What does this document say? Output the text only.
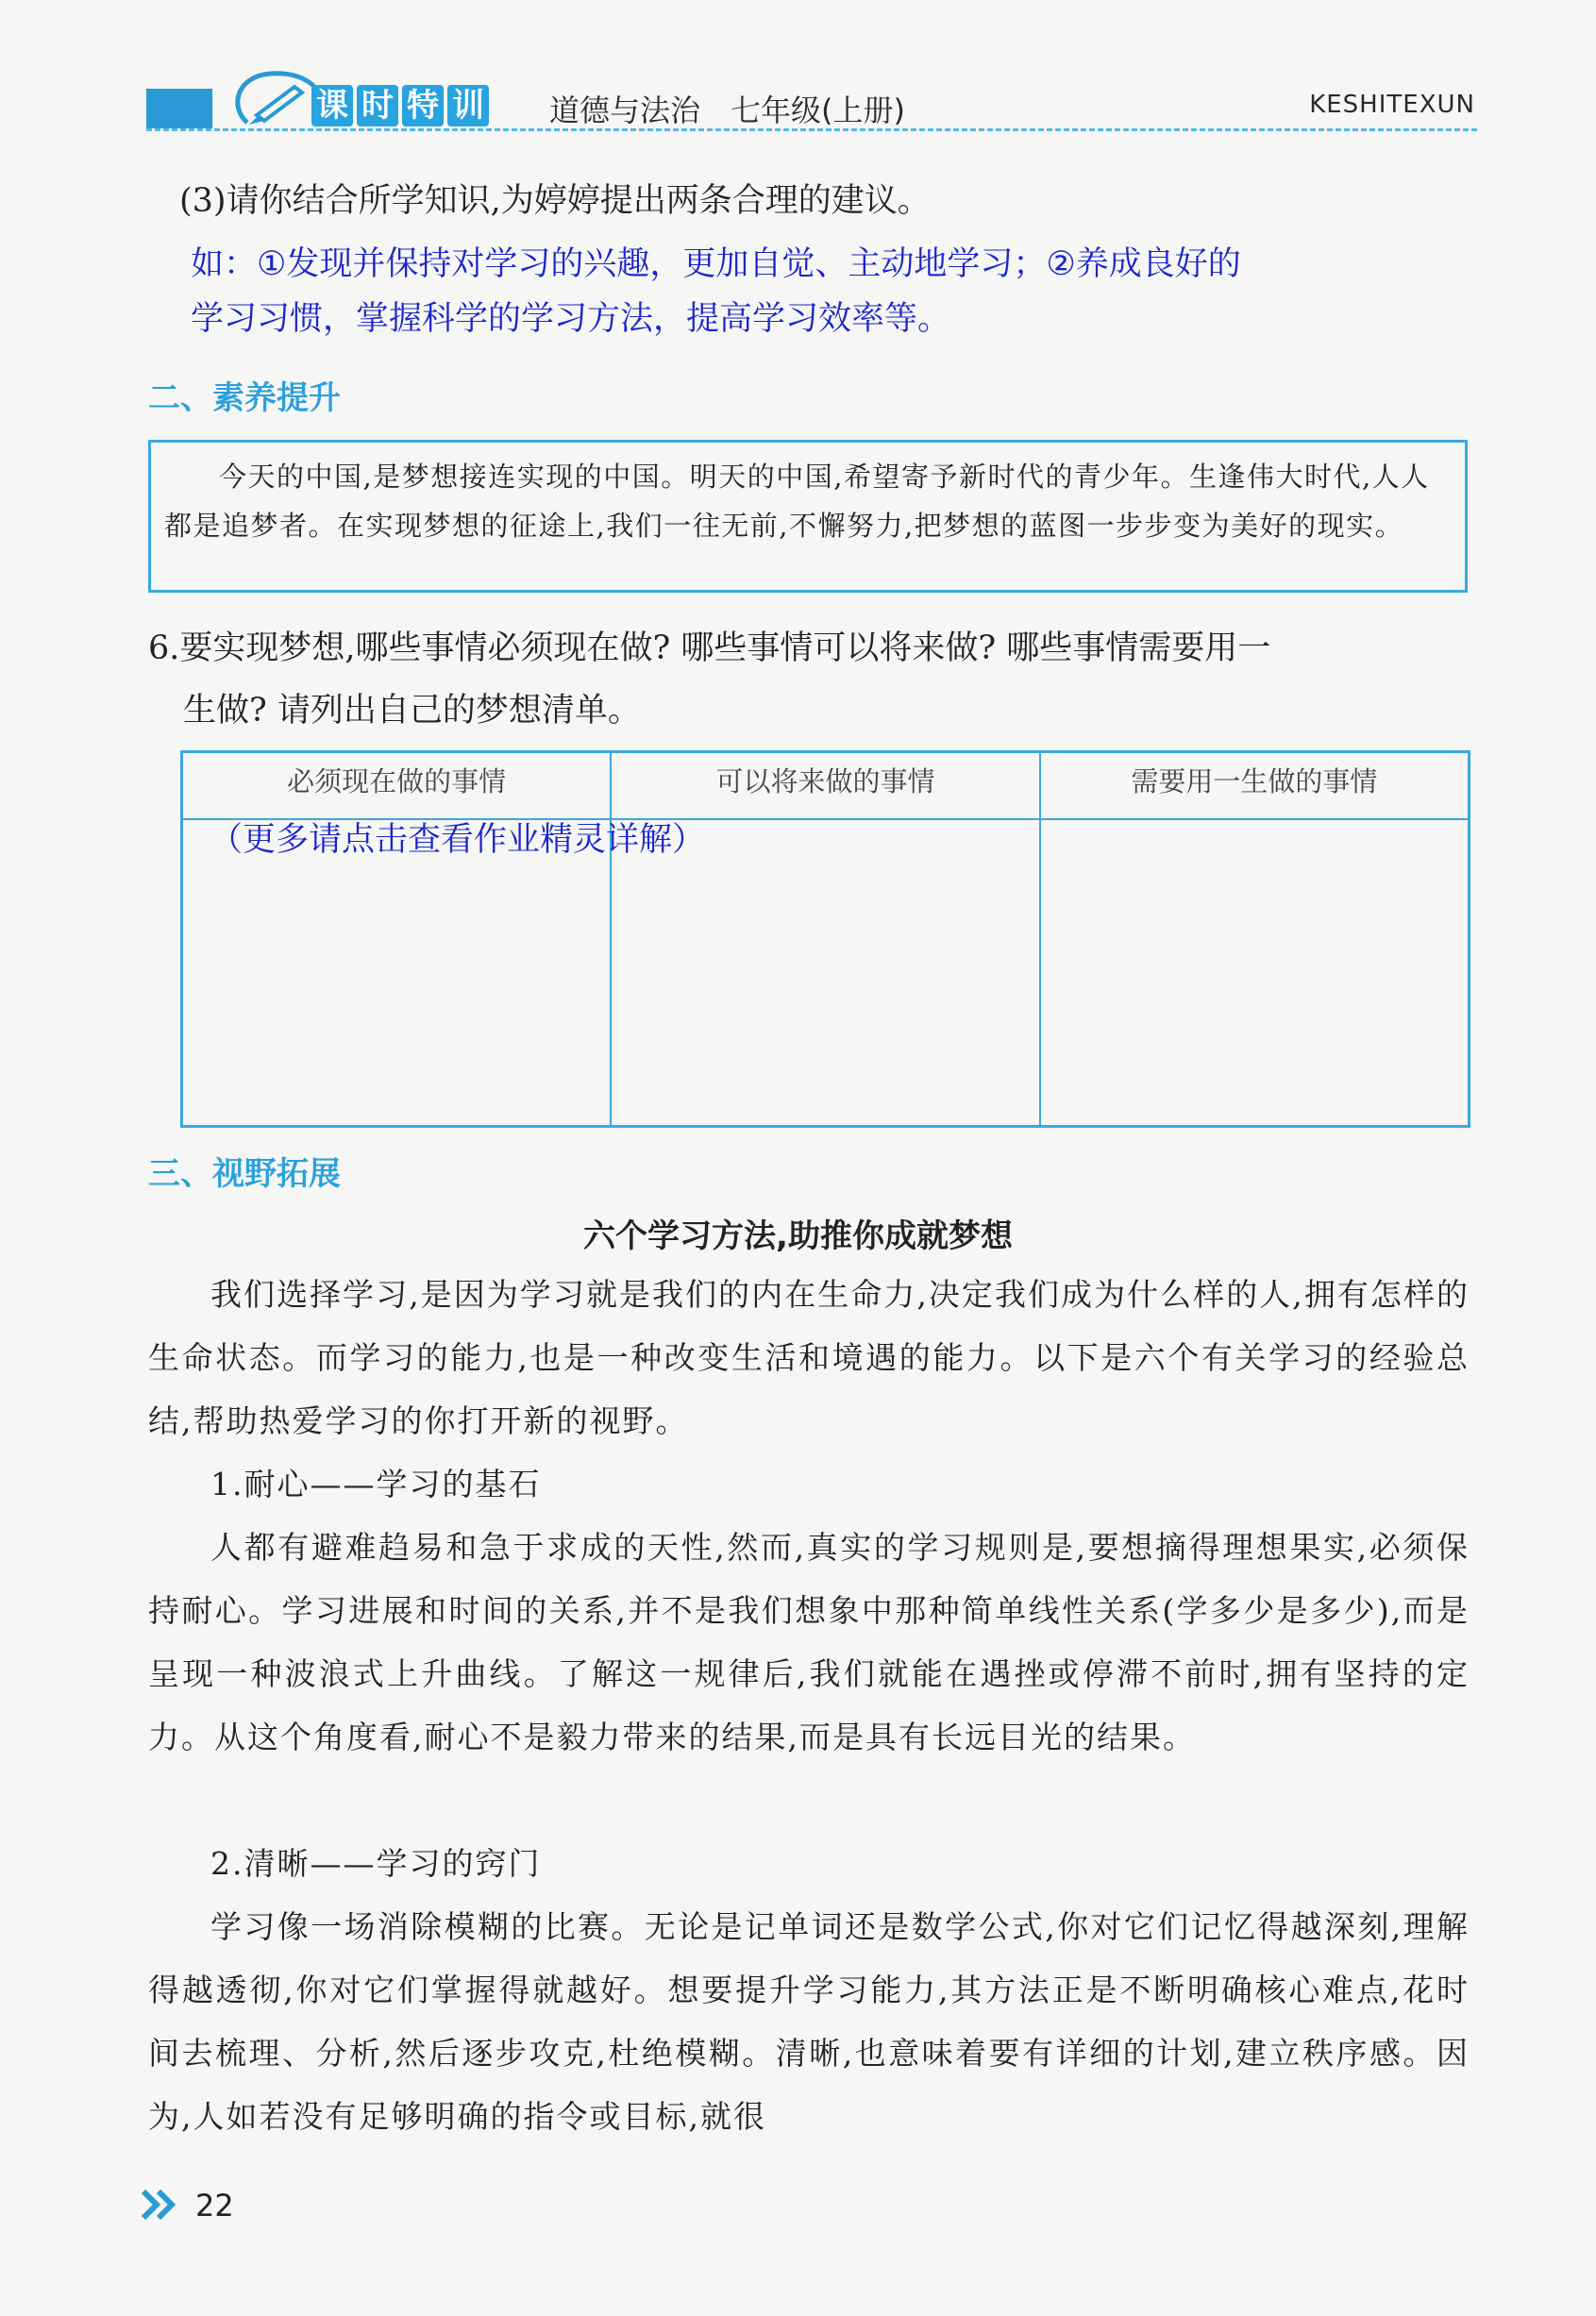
课 时 特 训 道德与法治　七年级(上册)	KESHITEXUN
(3)请你结合所学知识,为婷婷提出两条合理的建议。
如：①发现并保持对学习的兴趣，更加自觉、主动地学习；②养成良好的
学习习惯，掌握科学的学习方法，提高学习效率等。
二、素养提升
今天的中国,是梦想接连实现的中国。明天的中国,希望寄予新时代的青少年。生逢伟大时代,人人都是追梦者。在实现梦想的征途上,我们一往无前,不懈努力,把梦想的蓝图一步步变为美好的现实。
6.要实现梦想,哪些事情必须现在做? 哪些事情可以将来做? 哪些事情需要用一
生做? 请列出自己的梦想清单。
必须现在做的事情	可以将来做的事情	需要用一生做的事情

（更多请点击查看作业精灵详解）
三、视野拓展
六个学习方法,助推你成就梦想
我们选择学习,是因为学习就是我们的内在生命力,决定我们成为什么样的人,拥有怎样的生命状态。而学习的能力,也是一种改变生活和境遇的能力。以下是六个有关学习的经验总结,帮助热爱学习的你打开新的视野。
1.耐心——学习的基石
人都有避难趋易和急于求成的天性,然而,真实的学习规则是,要想摘得理想果实,必须保持耐心。学习进展和时间的关系,并不是我们想象中那种简单线性关系(学多少是多少),而是呈现一种波浪式上升曲线。了解这一规律后,我们就能在遇挫或停滞不前时,拥有坚持的定力。从这个角度看,耐心不是毅力带来的结果,而是具有长远目光的结果。
2.清晰——学习的窍门
学习像一场消除模糊的比赛。无论是记单词还是数学公式,你对它们记忆得越深刻,理解得越透彻,你对它们掌握得就越好。想要提升学习能力,其方法正是不断明确核心难点,花时间去梳理、分析,然后逐步攻克,杜绝模糊。清晰,也意味着要有详细的计划,建立秩序感。因为,人如若没有足够明确的指令或目标,就很
22
